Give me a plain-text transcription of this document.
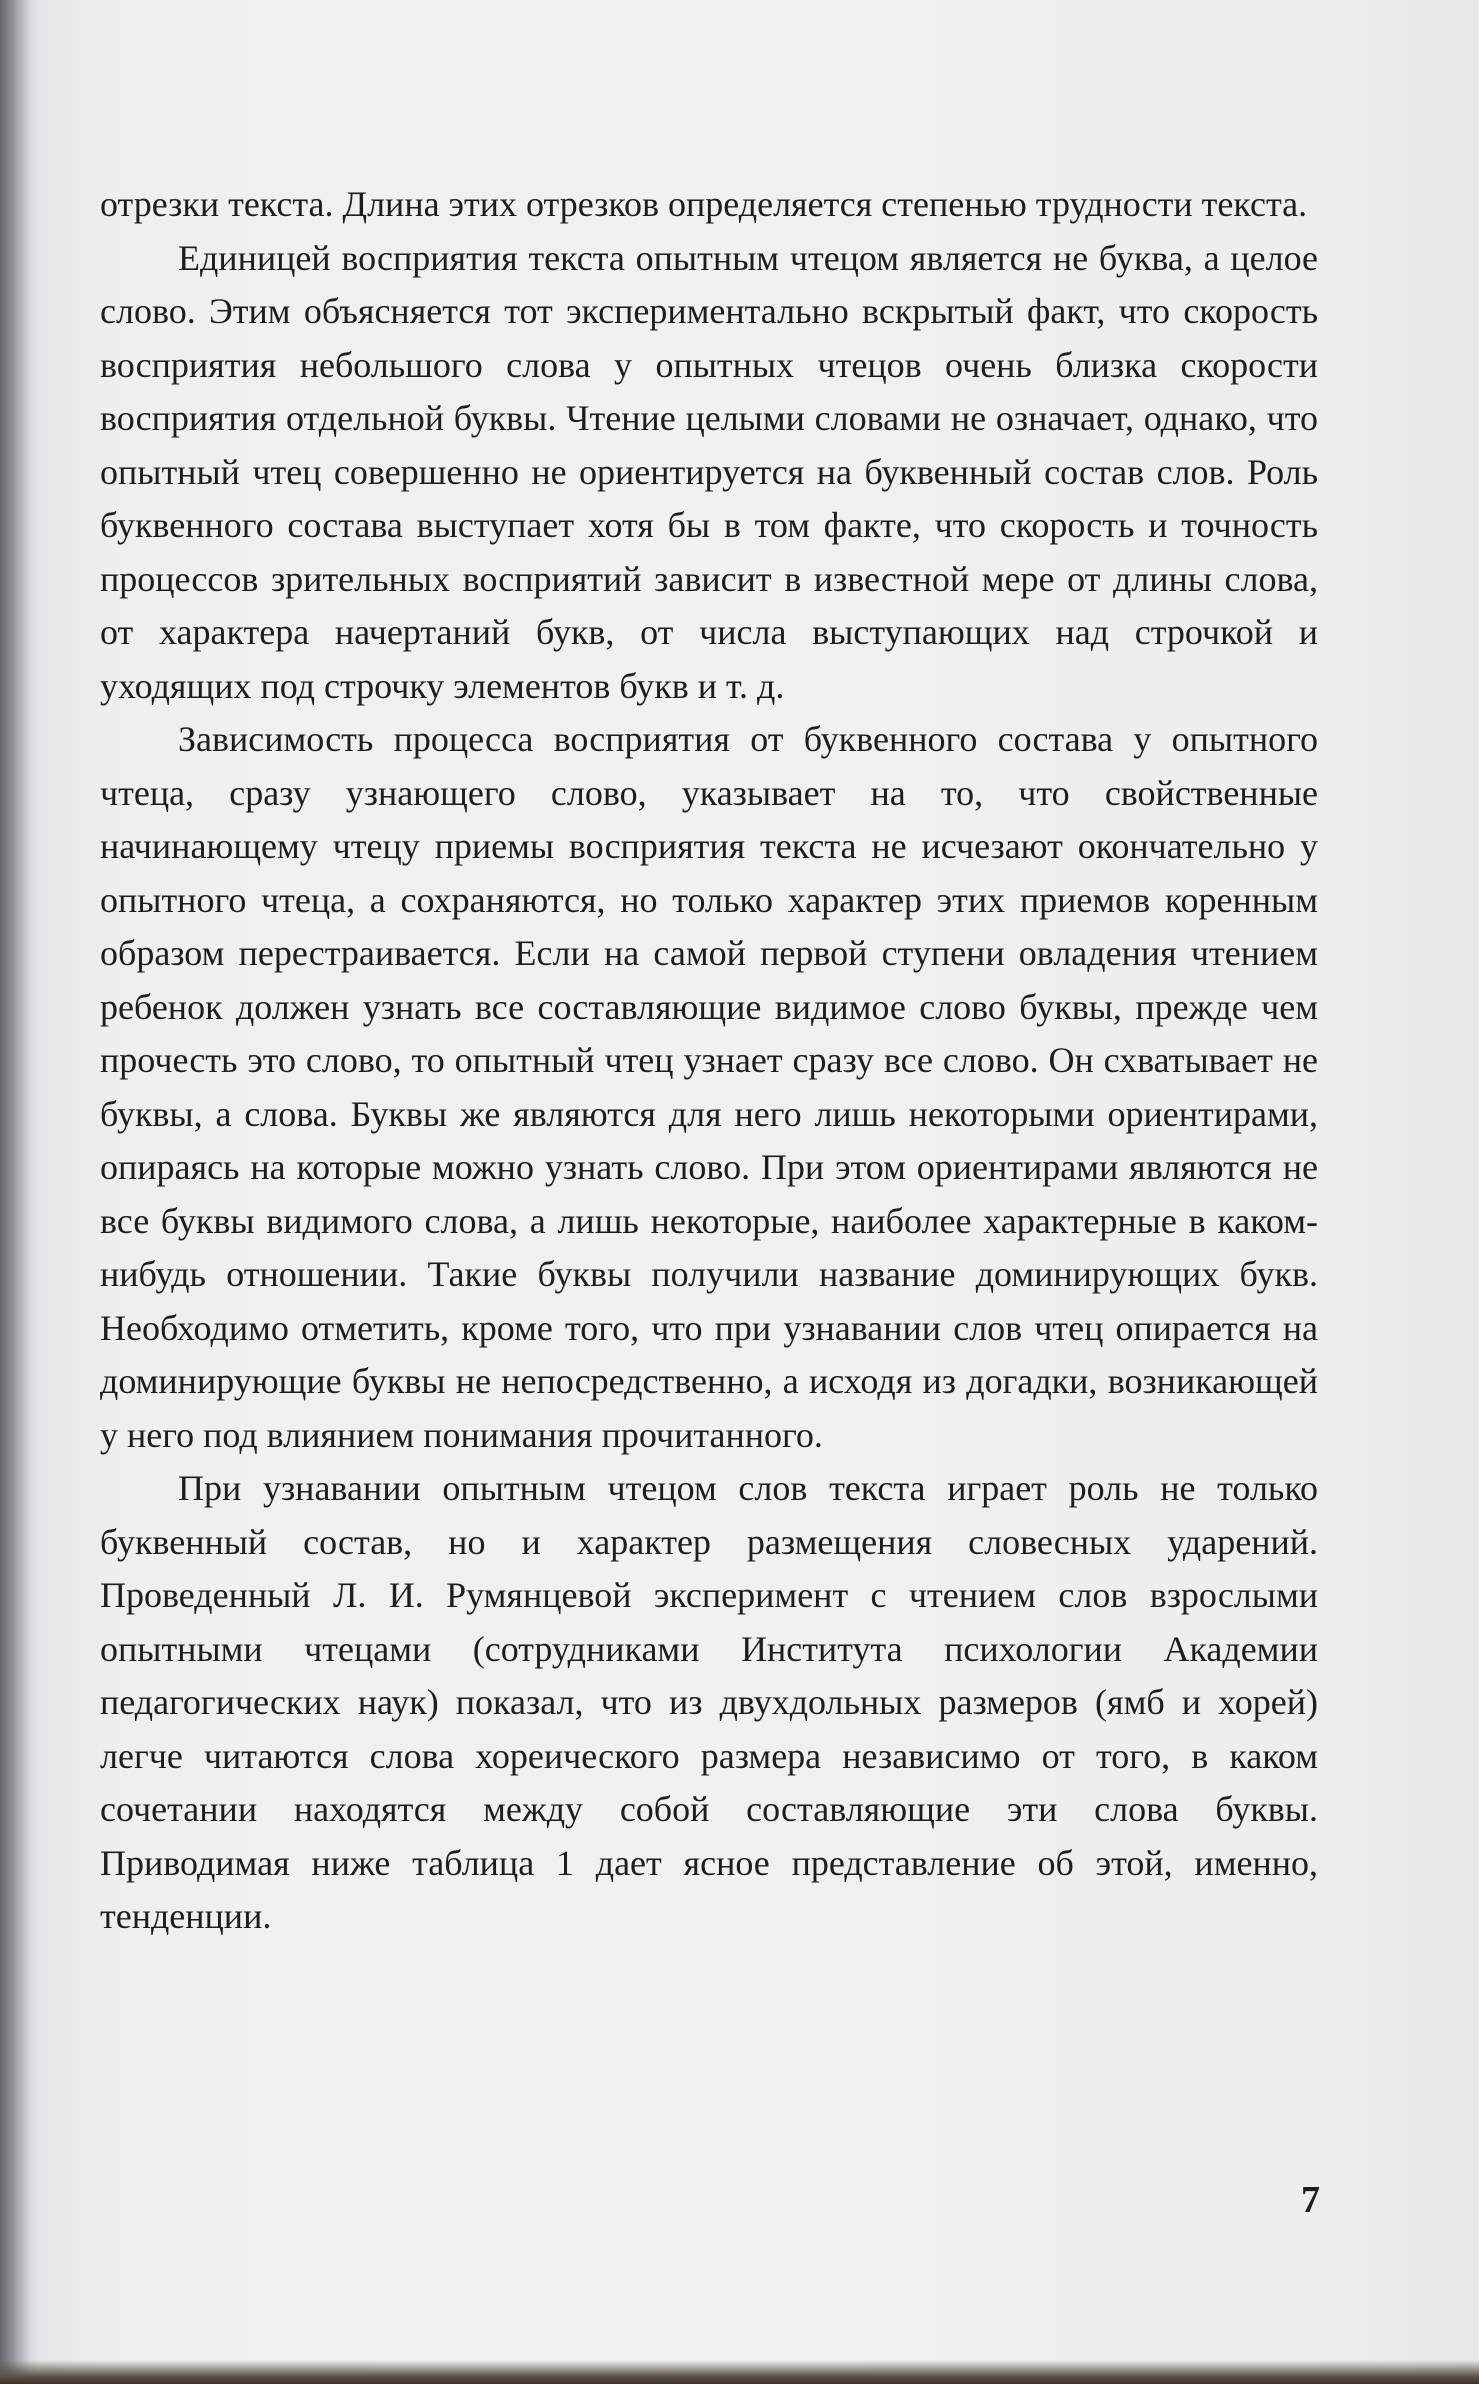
отрезки текста. Длина этих отрезков определяется степенью трудности текста.

Единицей восприятия текста опытным чтецом является не буква, а целое слово. Этим объясняется тот экспериментально вскрытый факт, что скорость восприятия небольшого слова у опытных чтецов очень близка скорости восприятия отдельной буквы. Чтение целыми словами не означает, однако, что опытный чтец совершенно не ориентируется на буквенный состав слов. Роль буквенного состава выступает хотя бы в том факте, что скорость и точность процессов зрительных восприятий зависит в известной мере от длины слова, от характера начертаний букв, от числа выступающих над строчкой и уходящих под строчку элементов букв и т. д.

Зависимость процесса восприятия от буквенного состава у опытного чтеца, сразу узнающего слово, указывает на то, что свойственные начинающему чтецу приемы восприятия текста не исчезают окончательно у опытного чтеца, а сохраняются, но только характер этих приемов коренным образом перестраивается. Если на самой первой ступени овладения чтением ребенок должен узнать все составляющие видимое слово буквы, прежде чем прочесть это слово, то опытный чтец узнает сразу все слово. Он схватывает не буквы, а слова. Буквы же являются для него лишь некоторыми ориентирами, опираясь на которые можно узнать слово. При этом ориентирами являются не все буквы видимого слова, а лишь некоторые, наиболее характерные в каком-нибудь отношении. Такие буквы получили название доминирующих букв. Необходимо отметить, кроме того, что при узнавании слов чтец опирается на доминирующие буквы не непосредственно, а исходя из догадки, возникающей у него под влиянием понимания прочитанного.

При узнавании опытным чтецом слов текста играет роль не только буквенный состав, но и характер размещения словесных ударений. Проведенный Л. И. Румянцевой эксперимент с чтением слов взрослыми опытными чтецами (сотрудниками Института психологии Академии педагогических наук) показал, что из двухдольных размеров (ямб и хорей) легче читаются слова хореического размера независимо от того, в каком сочетании находятся между собой составляющие эти слова буквы. Приводимая ниже таблица 1 дает ясное представление об этой, именно, тенденции.

7
